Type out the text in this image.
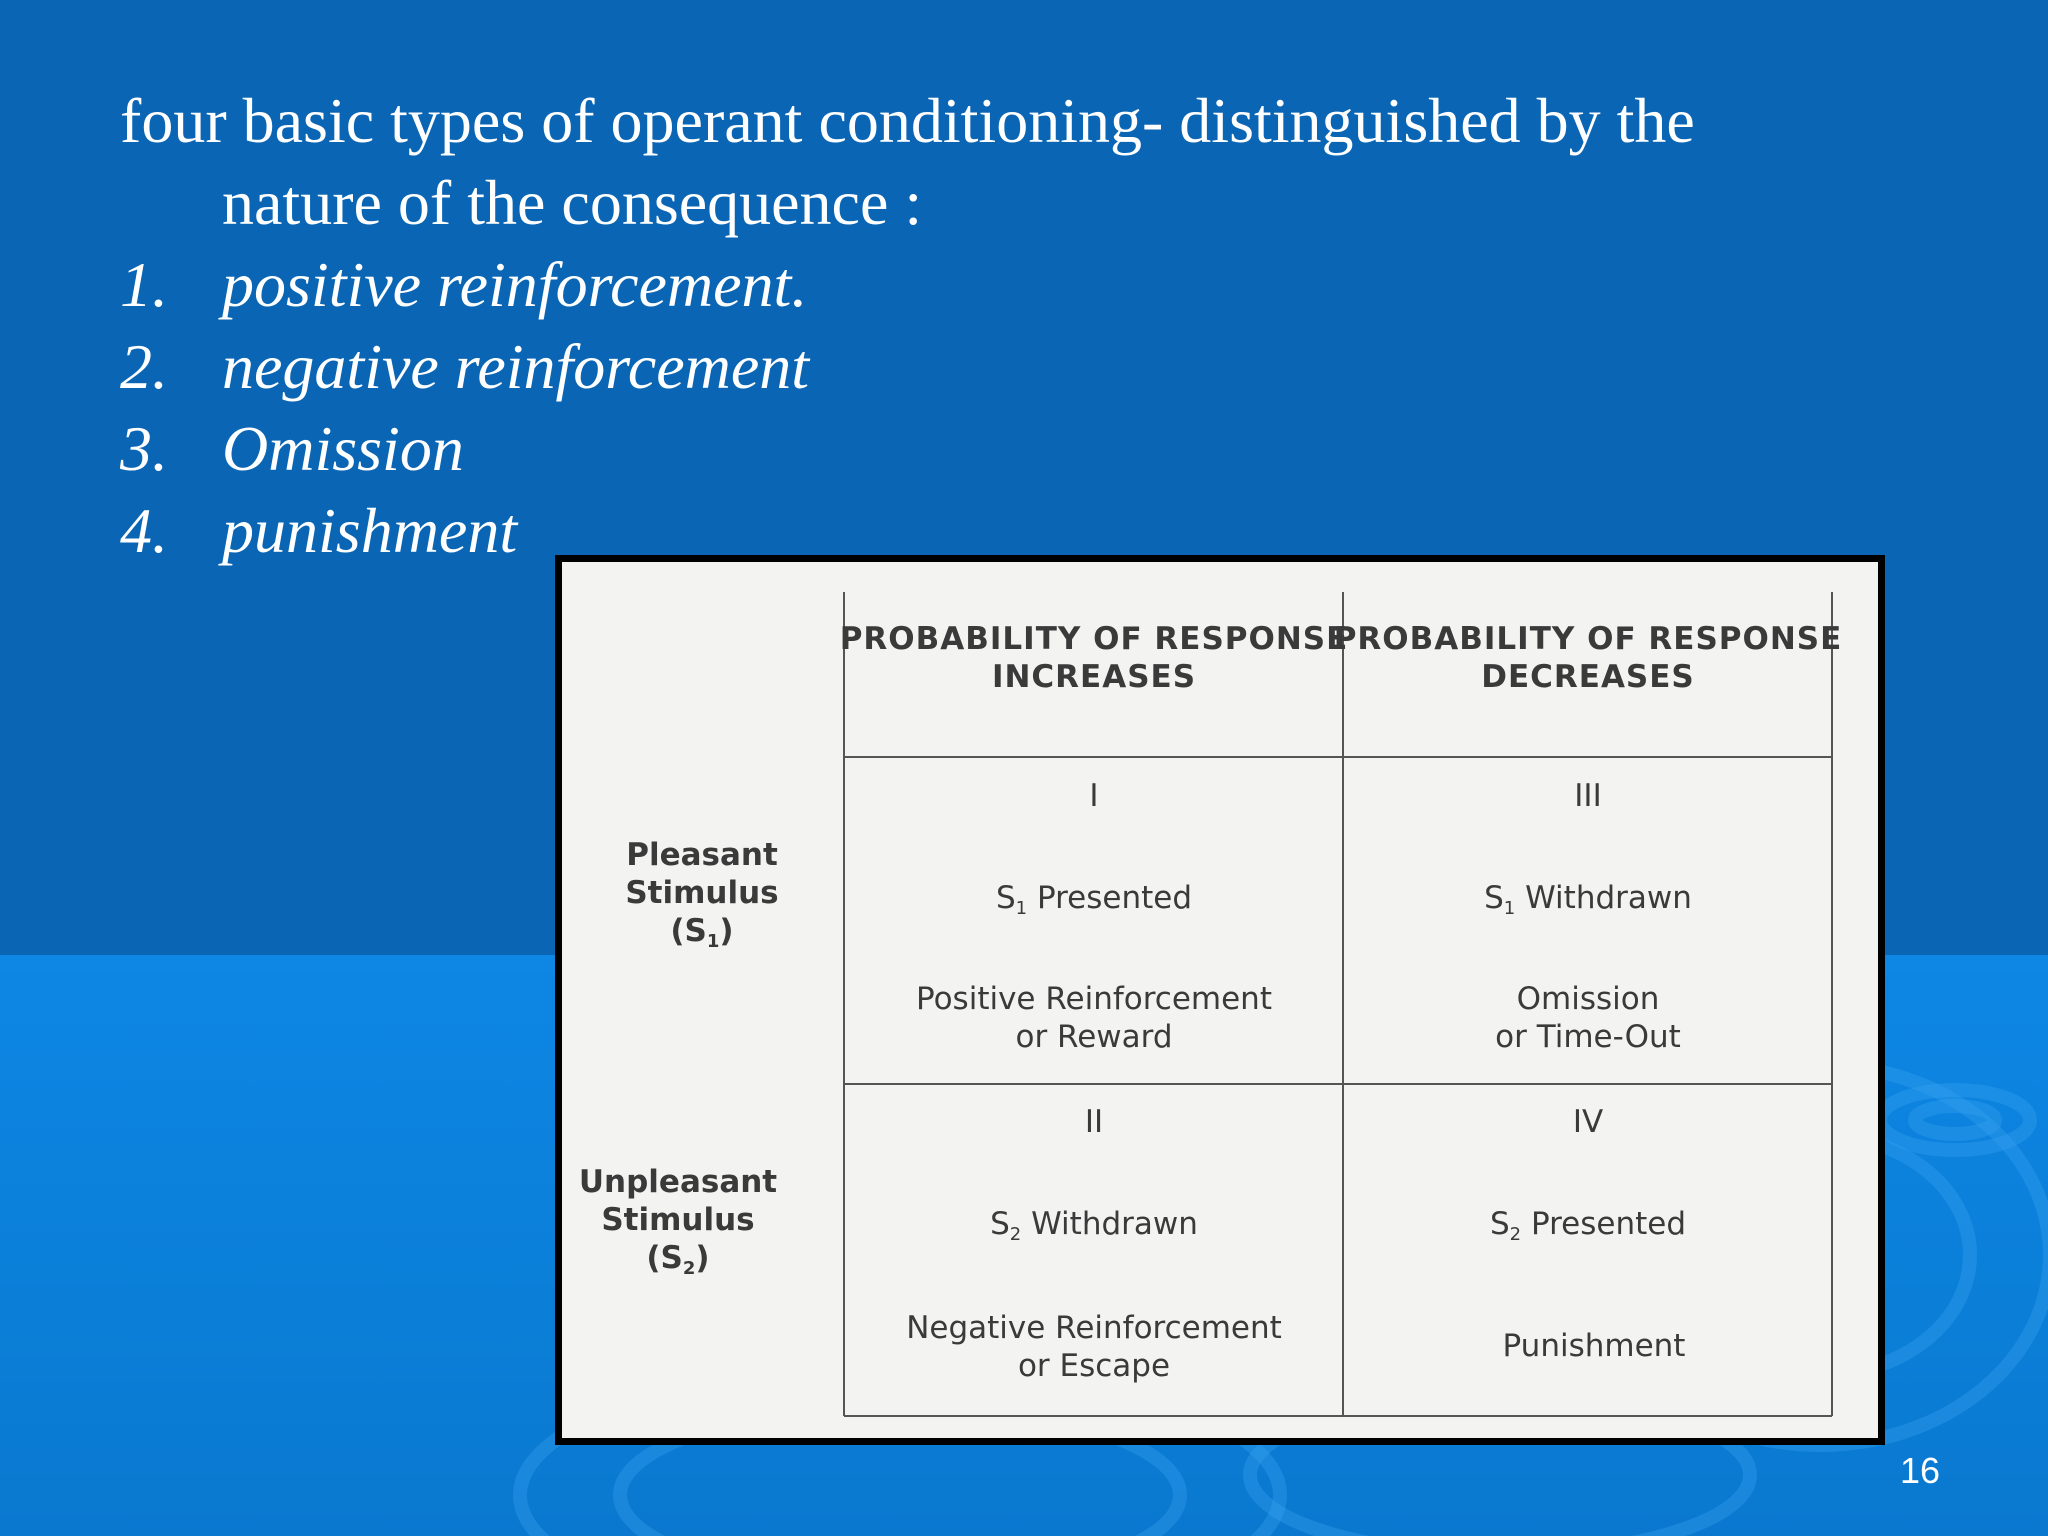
four basic types of operant conditioning- distinguished by the

nature of the consequence :

1. positive reinforcement.
2. negative reinforcement
3. Omission
4. punishment
PROBABILITY OF RESPONSE
INCREASES
PROBABILITY OF RESPONSE
DECREASES
Pleasant
Stimulus
(S1)
Unpleasant
Stimulus
(S2)
I
S1 Presented
Positive Reinforcement
or Reward
III
S1 Withdrawn
Omission
or Time-Out
II
S2 Withdrawn
Negative Reinforcement
or Escape
IV
S2 Presented
Punishment
16
